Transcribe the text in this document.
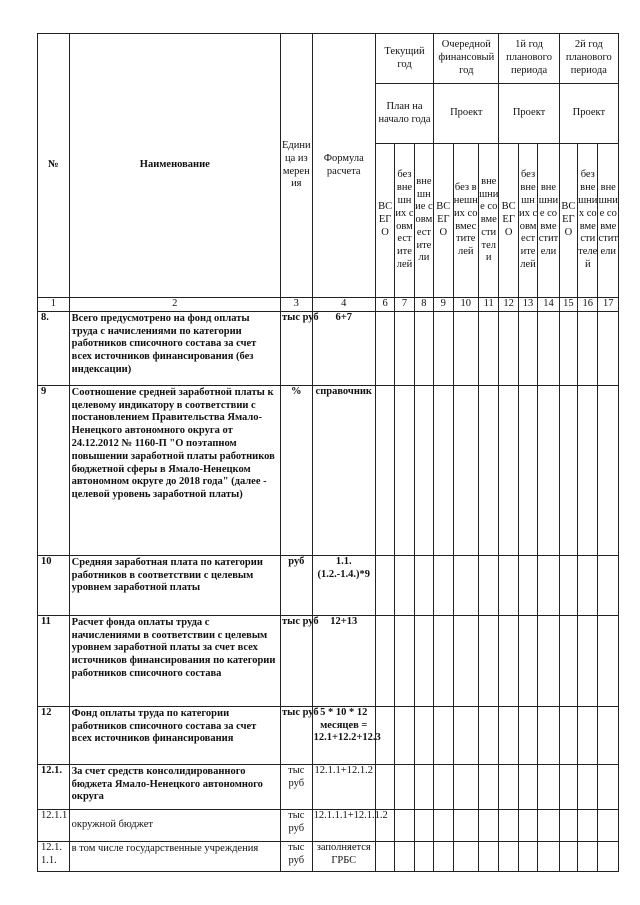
№	Наименование	Единица измерения	Формула расчета	Текущий год			Очередной финансовый год			1й год планового периода			2й год планового периода		
				План на начало года			Проект			Проект			Проект		
				ВСЕГО	без внешних совместителей	внешние совместители	ВСЕГО	без внешних совместителей	внешние совместители	ВСЕГО	без внешних совместителей	внешние совместители	ВСЕГО	без внешних совместителей	внешние совместители
1	2	3	4	6	7	8	9	10	11	12	13	14	15	16	17
8.	Всего предусмотрено на фонд оплаты труда с начислениями по категории работников списочного состава за счет всех источников финансирования (без индексации)	тыс руб	6+7												
9	Соотношение средней заработной платы к целевому индикатору в соответствии с постановлением Правительства Ямало-Ненецкого автономного округа от 24.12.2012 № 1160-П "О поэтапном повышении заработной платы работников бюджетной сферы в Ямало-Ненецком автономном округе до 2018 года" (далее - целевой уровень заработной платы)	%	справочник												
10	Средняя заработная плата по категории работников в соответствии с целевым уровнем заработной платы	руб	1.1. (1.2.-1.4.)*9												
11	Расчет фонда оплаты труда с начислениями в соответствии с целевым уровнем заработной платы за счет всех источников финансирования по категории работников списочного состава	тыс руб	12+13												
12	Фонд оплаты труда по категории работников списочного состава за счет всех источников финансирования	тыс руб	5 * 10 * 12 месяцев = 12.1+12.2+12.3												
12.1.	За счет средств консолидированного бюджета Ямало-Ненецкого автономного округа	тыс руб	12.1.1+12.1.2												
12.1.1	окружной бюджет	тыс руб	12.1.1.1+12.1.1.2												
12.1.1.1.	в том числе государственные учреждения	тыс руб	заполняется ГРБС												
